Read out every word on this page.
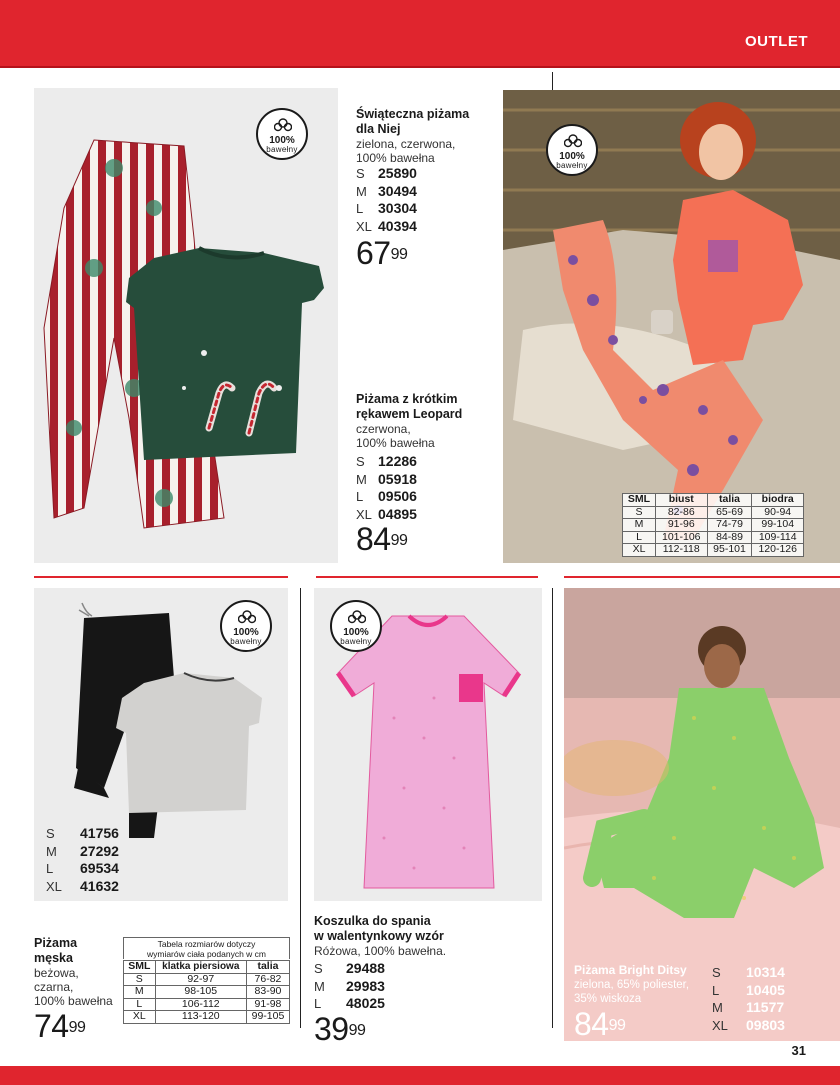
OUTLET
100%
bawełny
Świąteczna piżama
dla Niej
zielona, czerwona,
100% bawełna
S 25890
M 30494
L	30304
XL 40394
$67^{99}$
Piżama z krótkim
rękawem Leopard
czerwona,
100% bawełna
S 12286
M 05918
L	09506
XL 04895
$84^{99}$
100%
bawełny
SML	biust	talia	biodra
S	82-86	65-69	90-94
M	91-96	74-79	99-104
L	101-106	84-89	109-114
XL	112-118	95-101	120-126
100%
bawełny
S	41756
M	27292
L	69534
XL	41632
Piżama
męska
beżowa,
czarna,
100% bawełna
$74^{99}$
Tabela rozmiarów dotyczy
wymiarów ciała podanych w cm
SML	klatka piersiowa	talia
S	92-97	76-82
M	98-105	83-90
L	106-112	91-98
XL	113-120	99-105
100%
bawełny
Koszulka do spania
w walentynkowy wzór
Różowa, 100% bawełna.
S	29488
M	29983
L	48025
$39^{99}$
Piżama Bright Ditsy
zielona, 65% poliester,
35% wiskoza
$84^{99}$
S	10314
L	10405
M	11577
XL	09803
31
